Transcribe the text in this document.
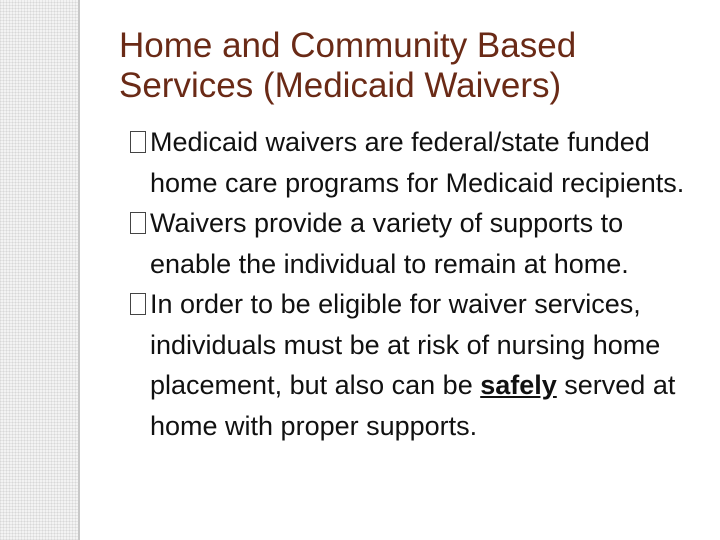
Home and Community Based Services (Medicaid Waivers)
Medicaid waivers are federal/state funded home care programs for Medicaid recipients.
Waivers provide a variety of supports to enable the individual to remain at home.
In order to be eligible for waiver services, individuals must be at risk of nursing home placement, but also can be safely served at home with proper supports.
